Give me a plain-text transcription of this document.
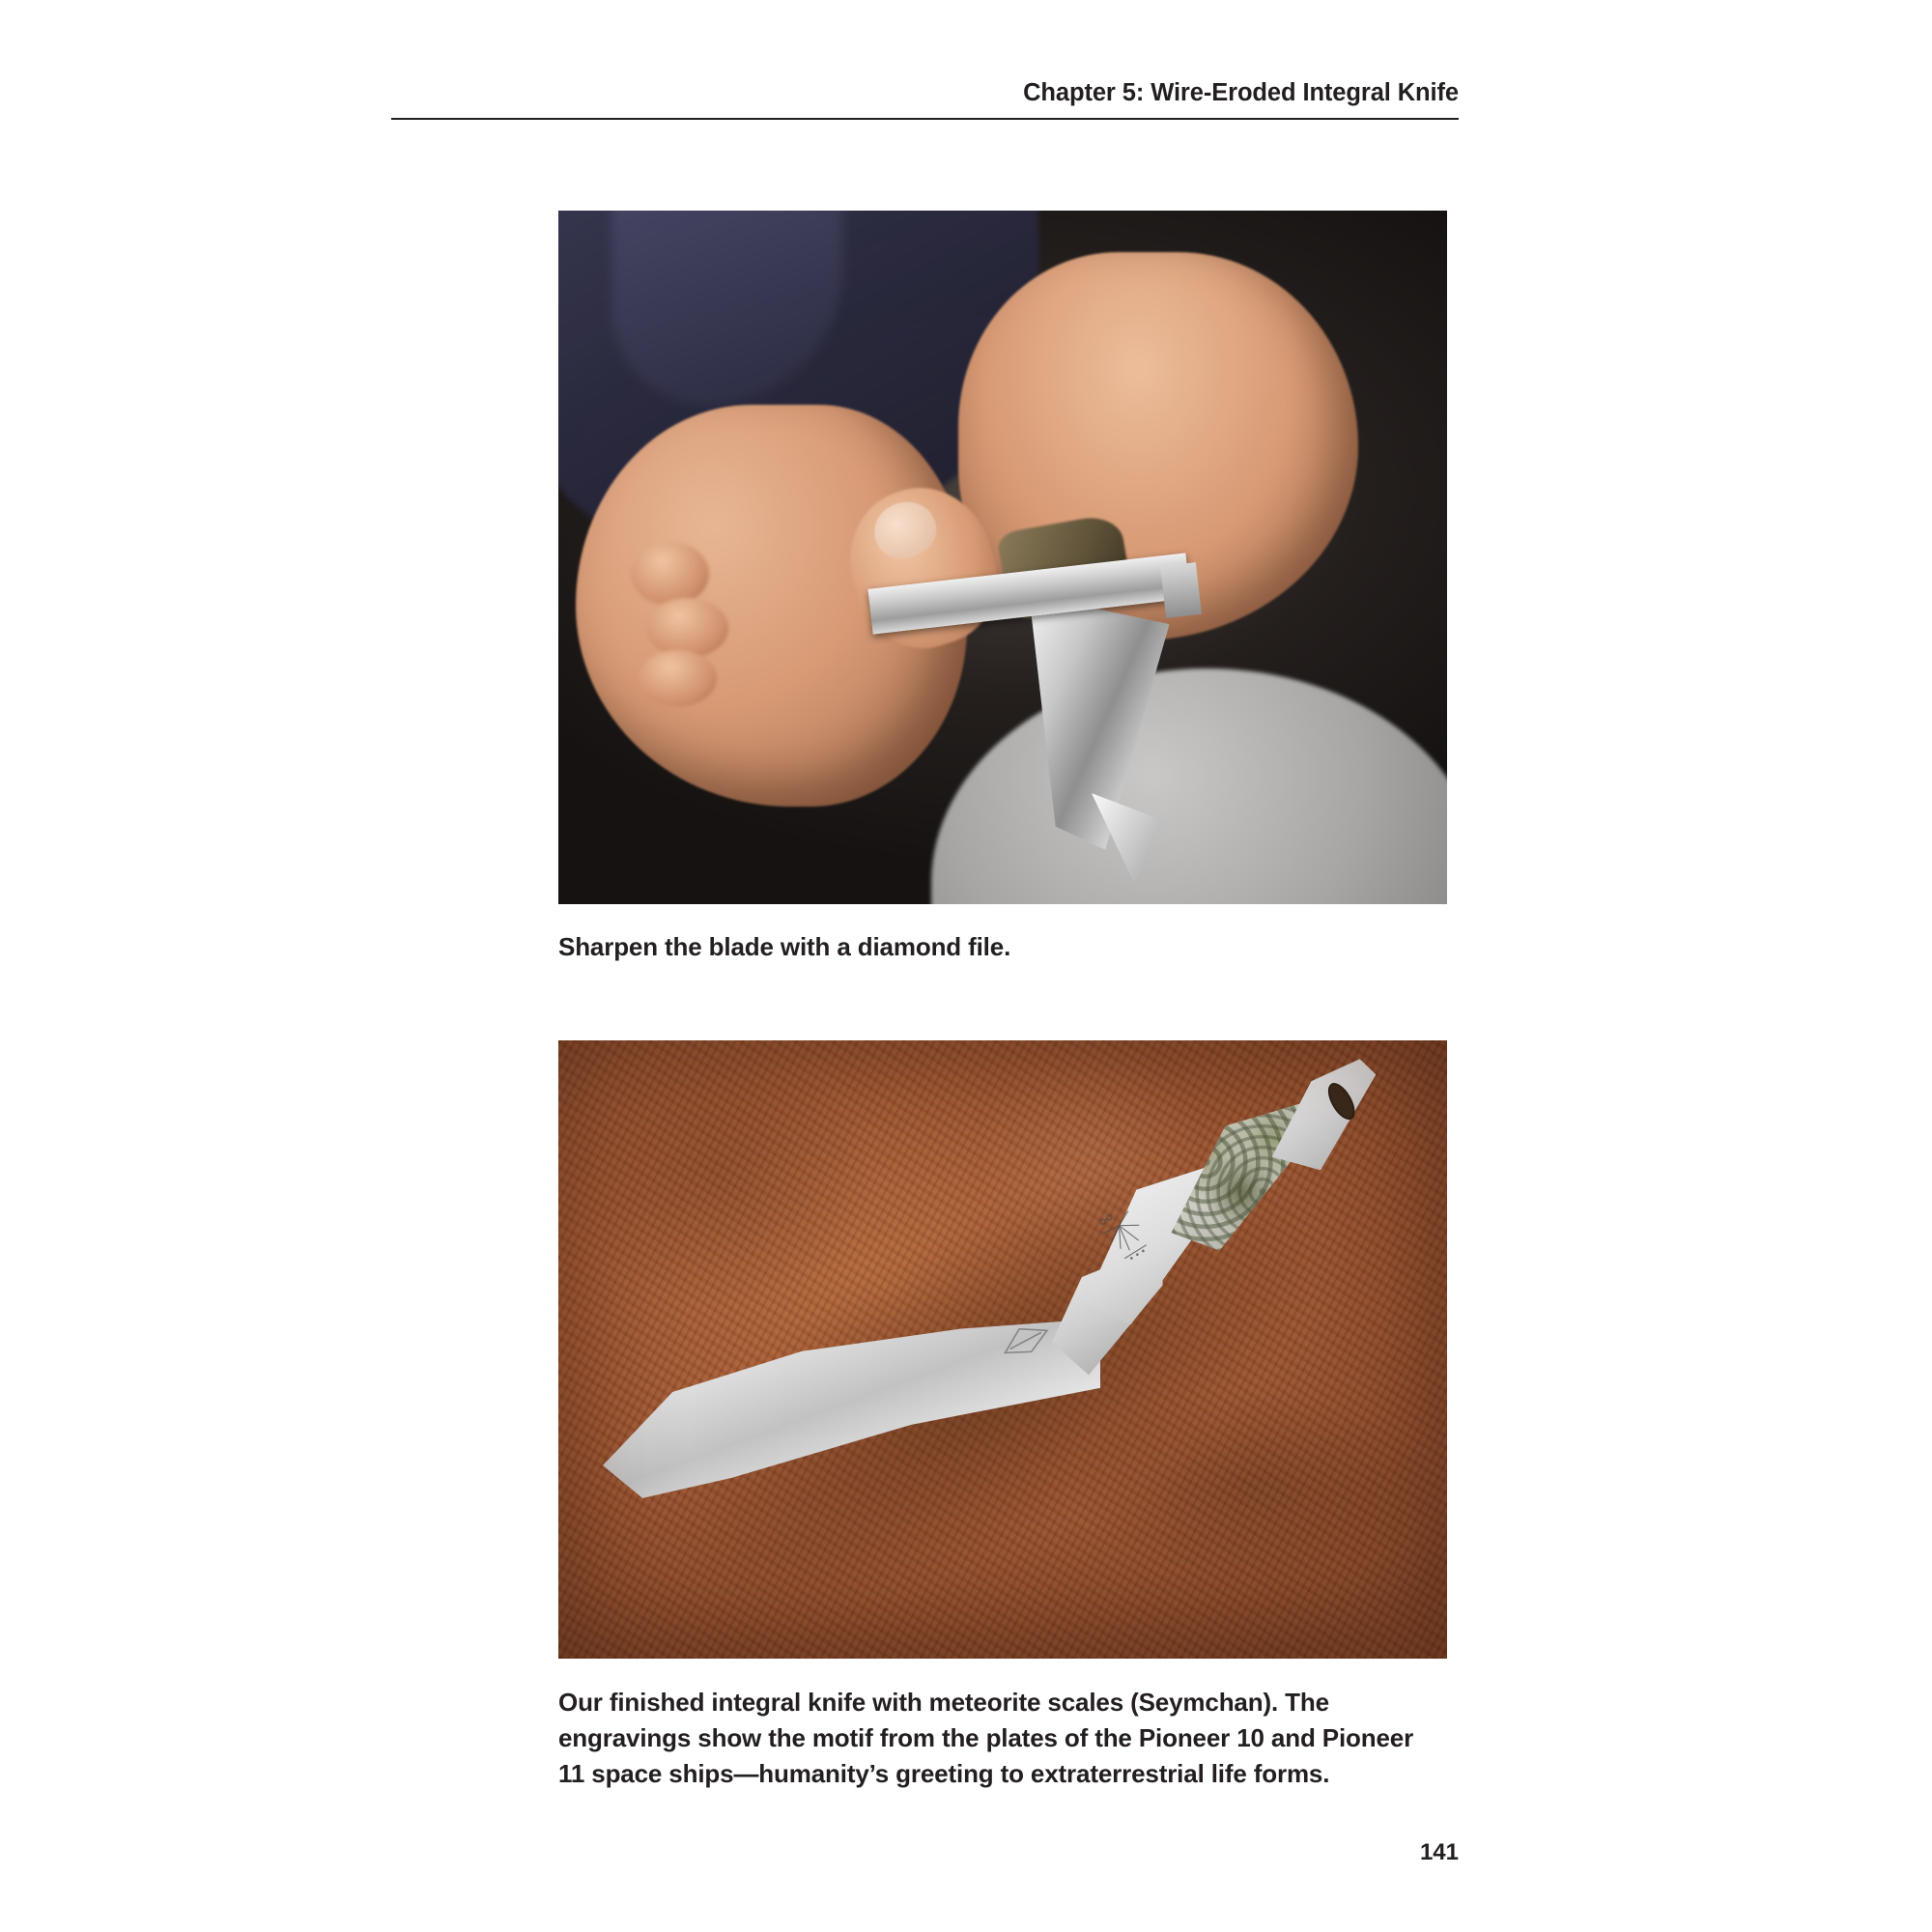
Chapter 5: Wire-Eroded Integral Knife
Sharpen the blade with a diamond file.
Our finished integral knife with meteorite scales (Seymchan). The engravings show the motif from the plates of the Pioneer 10 and Pioneer 11 space ships—humanity’s greeting to extraterrestrial life forms.
141
